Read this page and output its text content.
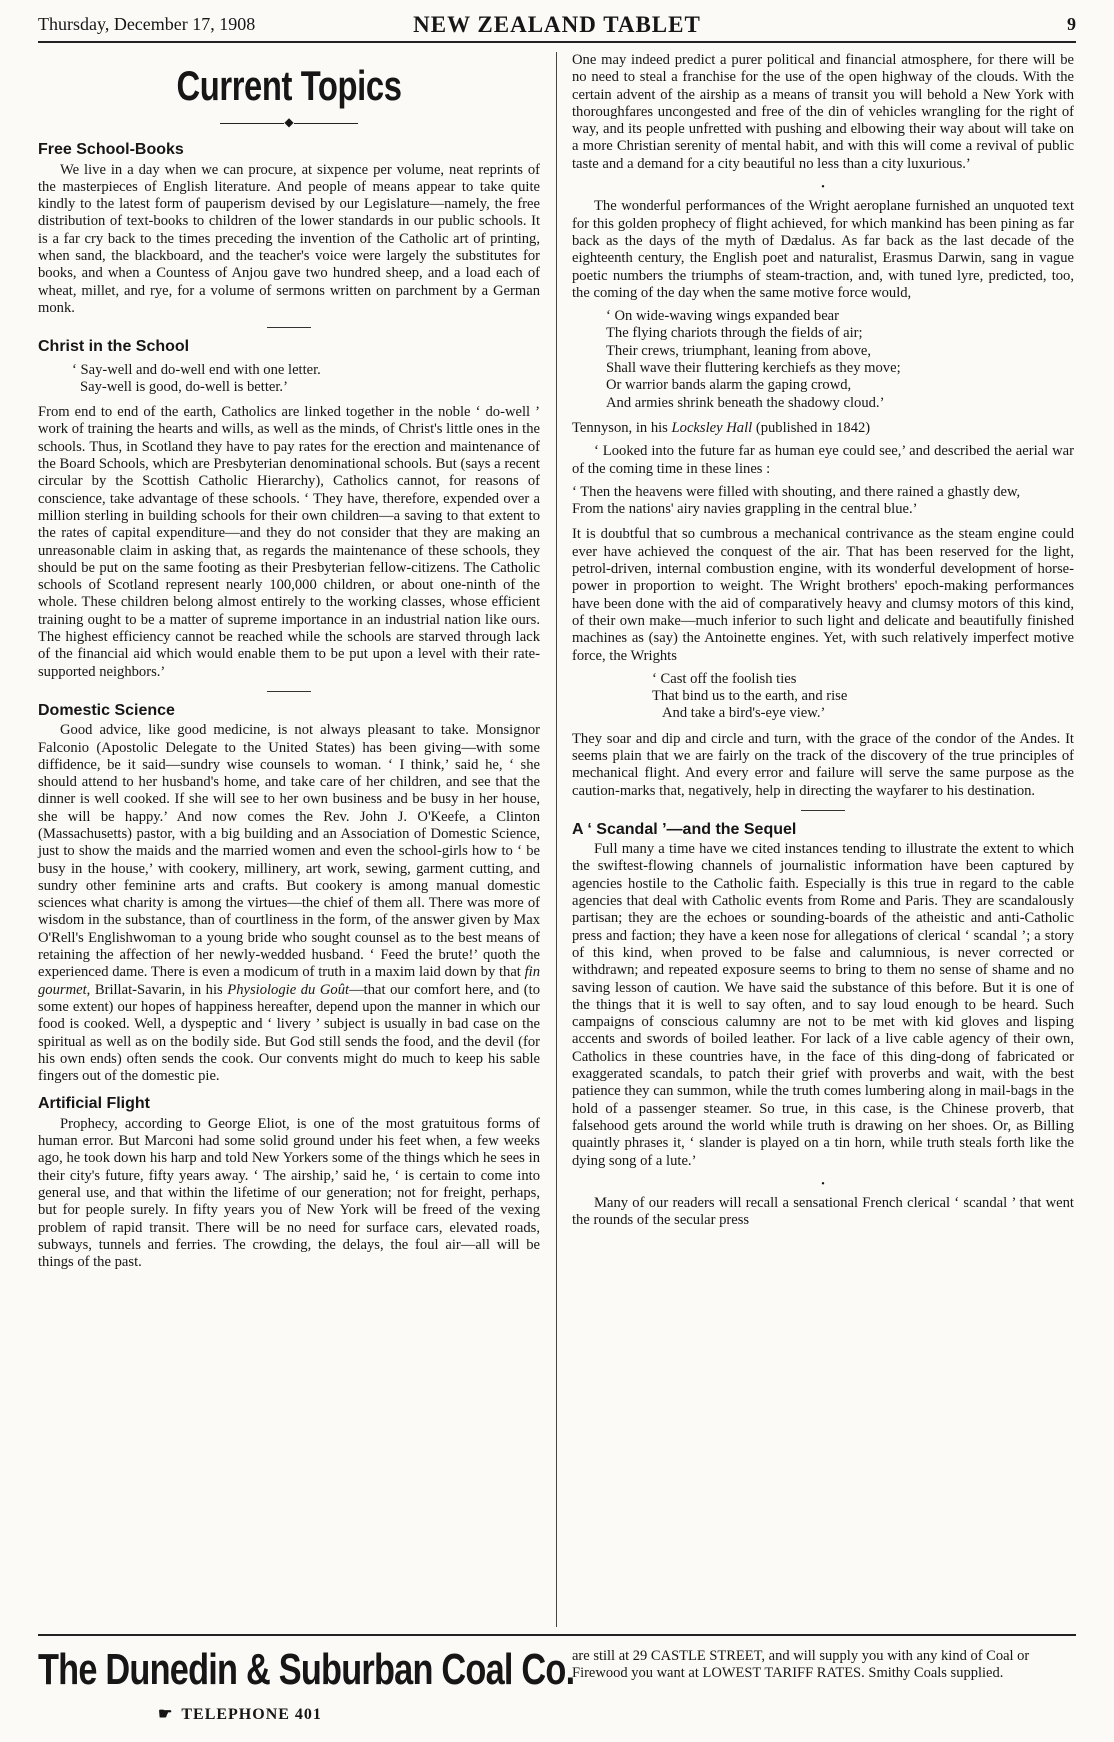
Thursday, December 17, 1908	NEW ZEALAND TABLET	9
Current Topics
◆
Free School-Books

We live in a day when we can procure, at sixpence per volume, neat reprints of the masterpieces of English literature. And people of means appear to take quite kindly to the latest form of pauperism devised by our Legislature—namely, the free distribution of text-books to children of the lower standards in our public schools. It is a far cry back to the times preceding the invention of the Catholic art of printing, when sand, the blackboard, and the teacher's voice were largely the substitutes for books, and when a Countess of Anjou gave two hundred sheep, and a load each of wheat, millet, and rye, for a volume of sermons written on parchment by a German monk.

Christ in the School
‘ Say-well and do-well end with one letter.
Say-well is good, do-well is better.’

From end to end of the earth, Catholics are linked together in the noble ‘ do-well ’ work of training the hearts and wills, as well as the minds, of Christ's little ones in the schools. Thus, in Scotland they have to pay rates for the erection and maintenance of the Board Schools, which are Presbyterian denominational schools. But (says a recent circular by the Scottish Catholic Hierarchy), Catholics cannot, for reasons of conscience, take advantage of these schools. ‘ They have, therefore, expended over a million sterling in building schools for their own children—a saving to that extent to the rates of capital expenditure—and they do not consider that they are making an unreasonable claim in asking that, as regards the maintenance of these schools, they should be put on the same footing as their Presbyterian fellow-citizens. The Catholic schools of Scotland represent nearly 100,000 children, or about one-ninth of the whole. These children belong almost entirely to the working classes, whose efficient training ought to be a matter of supreme importance in an industrial nation like ours. The highest efficiency cannot be reached while the schools are starved through lack of the financial aid which would enable them to be put upon a level with their rate-supported neighbors.’

Domestic Science

Good advice, like good medicine, is not always pleasant to take. Monsignor Falconio (Apostolic Delegate to the United States) has been giving—with some diffidence, be it said—sundry wise counsels to woman. ‘ I think,’ said he, ‘ she should attend to her husband's home, and take care of her children, and see that the dinner is well cooked. If she will see to her own business and be busy in her house, she will be happy.’ And now comes the Rev. John J. O'Keefe, a Clinton (Massachusetts) pastor, with a big building and an Association of Domestic Science, just to show the maids and the married women and even the school-girls how to ‘ be busy in the house,’ with cookery, millinery, art work, sewing, garment cutting, and sundry other feminine arts and crafts. But cookery is among manual domestic sciences what charity is among the virtues—the chief of them all. There was more of wisdom in the substance, than of courtliness in the form, of the answer given by Max O'Rell's Englishwoman to a young bride who sought counsel as to the best means of retaining the affection of her newly-wedded husband. ‘ Feed the brute!’ quoth the experienced dame. There is even a modicum of truth in a maxim laid down by that fin gourmet, Brillat-Savarin, in his Physiologie du Goût—that our comfort here, and (to some extent) our hopes of happiness hereafter, depend upon the manner in which our food is cooked. Well, a dyspeptic and ‘ livery ’ subject is usually in bad case on the spiritual as well as on the bodily side. But God still sends the food, and the devil (for his own ends) often sends the cook. Our convents might do much to keep his sable fingers out of the domestic pie.

Artificial Flight

Prophecy, according to George Eliot, is one of the most gratuitous forms of human error. But Marconi had some solid ground under his feet when, a few weeks ago, he took down his harp and told New Yorkers some of the things which he sees in their city's future, fifty years away. ‘ The airship,’ said he, ‘ is certain to come into general use, and that within the lifetime of our generation; not for freight, perhaps, but for people surely. In fifty years you of New York will be freed of the vexing problem of rapid transit. There will be no need for surface cars, elevated roads, subways, tunnels and ferries. The crowding, the delays, the foul air—all will be things of the past.

One may indeed predict a purer political and financial atmosphere, for there will be no need to steal a franchise for the use of the open highway of the clouds. With the certain advent of the airship as a means of transit you will behold a New York with thoroughfares uncongested and free of the din of vehicles wrangling for the right of way, and its people unfretted with pushing and elbowing their way about will take on a more Christian serenity of mental habit, and with this will come a revival of public taste and a demand for a city beautiful no less than a city luxurious.’

•

The wonderful performances of the Wright aeroplane furnished an unquoted text for this golden prophecy of flight achieved, for which mankind has been pining as far back as the days of the myth of Dædalus. As far back as the last decade of the eighteenth century, the English poet and naturalist, Erasmus Darwin, sang in vague poetic numbers the triumphs of steam-traction, and, with tuned lyre, predicted, too, the coming of the day when the same motive force would,

‘ On wide-waving wings expanded bear
The flying chariots through the fields of air;
Their crews, triumphant, leaning from above,
Shall wave their fluttering kerchiefs as they move;
Or warrior bands alarm the gaping crowd,
And armies shrink beneath the shadowy cloud.’

Tennyson, in his Locksley Hall (published in 1842)

‘ Looked into the future far as human eye could see,’ and described the aerial war of the coming time in these lines :

‘ Then the heavens were filled with shouting, and there rained a ghastly dew,
From the nations' airy navies grappling in the central blue.’

It is doubtful that so cumbrous a mechanical contrivance as the steam engine could ever have achieved the conquest of the air. That has been reserved for the light, petrol-driven, internal combustion engine, with its wonderful development of horse-power in proportion to weight. The Wright brothers' epoch-making performances have been done with the aid of comparatively heavy and clumsy motors of this kind, of their own make—much inferior to such light and delicate and beautifully finished machines as (say) the Antoinette engines. Yet, with such relatively imperfect motive force, the Wrights

‘ Cast off the foolish ties
That bind us to the earth, and rise
And take a bird's-eye view.’

They soar and dip and circle and turn, with the grace of the condor of the Andes. It seems plain that we are fairly on the track of the discovery of the true principles of mechanical flight. And every error and failure will serve the same purpose as the caution-marks that, negatively, help in directing the wayfarer to his destination.

A ‘ Scandal ’—and the Sequel

Full many a time have we cited instances tending to illustrate the extent to which the swiftest-flowing channels of journalistic information have been captured by agencies hostile to the Catholic faith. Especially is this true in regard to the cable agencies that deal with Catholic events from Rome and Paris. They are scandalously partisan; they are the echoes or sounding-boards of the atheistic and anti-Catholic press and faction; they have a keen nose for allegations of clerical ‘ scandal ’; a story of this kind, when proved to be false and calumnious, is never corrected or withdrawn; and repeated exposure seems to bring to them no sense of shame and no saving lesson of caution. We have said the substance of this before. But it is one of the things that it is well to say often, and to say loud enough to be heard. Such campaigns of conscious calumny are not to be met with kid gloves and lisping accents and swords of boiled leather. For lack of a live cable agency of their own, Catholics in these countries have, in the face of this ding-dong of fabricated or exaggerated scandals, to patch their grief with proverbs and wait, with the best patience they can summon, while the truth comes lumbering along in mail-bags in the hold of a passenger steamer. So true, in this case, is the Chinese proverb, that falsehood gets around the world while truth is drawing on her shoes. Or, as Billing quaintly phrases it, ‘ slander is played on a tin horn, while truth steals forth like the dying song of a lute.’

•

Many of our readers will recall a sensational French clerical ‘ scandal ’ that went the rounds of the secular press

The Dunedin & Suburban Coal Co.
☛ TELEPHONE 401
are still at 29 CASTLE STREET, and will supply you with any kind of Coal or Firewood you want at LOWEST TARIFF RATES. Smithy Coals supplied.
